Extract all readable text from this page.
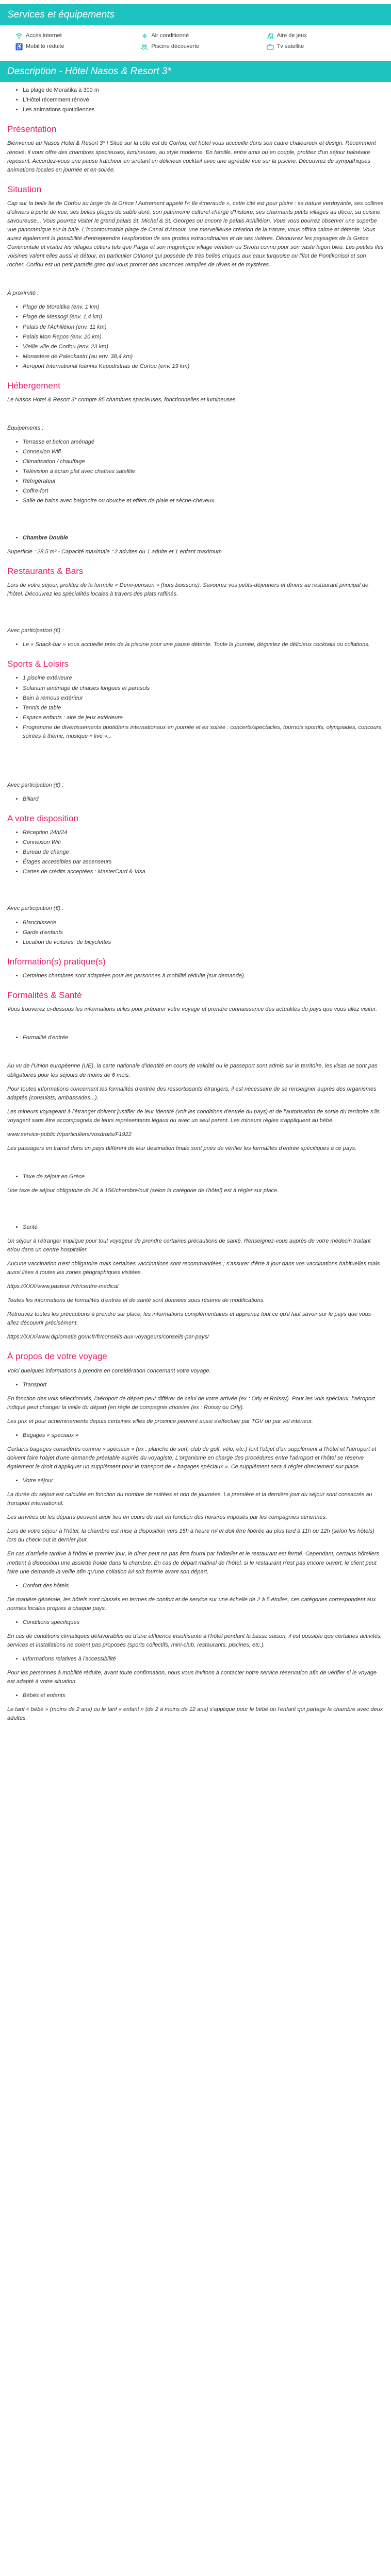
Services et équipements
Accès internet	❄ Air conditionné	Aire de jeux
♿ Mobilité réduite	Piscine découverte	Tv satellite
Description - Hôtel Nasos & Resort 3*
• La plage de Moraitika à 300 m
• L'Hôtel récemment rénové
• Les animations quotidiennes
Présentation

Bienvenue au Nasos Hotel & Resort 3* ! Situé sur la côte est de Corfou, cet hôtel vous accueille dans son cadre chaleureux et design. Récemment rénové, il vous offre des chambres spacieuses, lumineuses, au style moderne. En famille, entre amis ou en couple, profitez d'un séjour balnéaire reposant. Accordez-vous une pause fraîcheur en sirotant un délicieux cocktail avec une agréable vue sur la piscine. Découvrez de sympathiques animations locales en journée et en soirée.

Situation

Cap sur la belle île de Corfou au large de la Grèce ! Autrement appelé l'« île émeraude », cette cité est pour plaire : sa nature verdoyante, ses collines d'oliviers à perte de vue, ses belles plages de sable doré, son patrimoine culturel chargé d'histoire, ses charmants petits villages au décor, sa cuisine savoureuse... Vous pourrez visiter le grand palais St. Michel & St. Georges ou encore le palais Achilléion. Vous vous pourrez observer une superbe vue panoramique sur la baie. L'incontournable plage de Canal d'Amour, une merveilleuse création de la nature, vous offrira calme et détente. Vous aurez également la possibilité d'entreprendre l'exploration de ses grottes extraordinaires et de ses rivières. Découvrez les paysages de la Grèce Continentale et visitez les villages côtiers tels que Parga et son magnifique village vénitien ou Sivota connu pour son vaste lagon bleu. Les petites îles voisines valent elles aussi le détour, en particulier Othonoi qui possède de très belles criques aux eaux turquoise ou l'îlot de Pontikonissi et son rocher. Corfou est un petit paradis grec qui vous promet des vacances remplies de rêves et de mystères.

À proximité :

• Plage de Moraitika (env. 1 km)
• Plage de Messogi (env. 1,4 km)
• Palais de l'Achilléion (env. 11 km)
• Palais Mon Repos (env. 20 km)
• Vieille ville de Corfou (env. 23 km)
• Monastère de Paleokastrí (au env. 38,4 km)
• Aéroport International Ioánnis Kapodístrias de Corfou (env. 19 km)
Hébergement

Le Nasos Hotel & Resort 3* compte 85 chambres spacieuses, fonctionnelles et lumineuses.

Équipements :

• Terrasse et balcon aménagé
• Connexion Wifi
• Climatisation / chauffage
• Télévision à écran plat avec chaînes satellite
• Réfrigérateur
• Coffre-fort
• Salle de bains avec baignoire ou douche et effets de plaie et sèche-cheveux.
• Chambre Double

Superficie : 28,5 m² - Capacité maximale : 2 adultes ou 1 adulte et 1 enfant maximum

Restaurants & Bars

Lors de votre séjour, profitez de la formule « Demi-pension » (hors boissons). Savourez vos petits-déjeuners et dîners au restaurant principal de l'hôtel. Découvrez les spécialités locales à travers des plats raffinés.

Avec participation (€) :

• Le « Snack-bar » vous accueille près de la piscine pour une pause détente. Toute la journée, dégustez de délicieux cocktails ou collations.
Sports & Loisirs
• 1 piscine extérieure
• Solarium aménagé de chaises longues et parasols
• Bain à remous extérieur
• Tennis de table
• Espace enfants : aire de jeux extérieure
• Programme de divertissements quotidiens internationaux en journée et en soirée : concerts/spectacles, tournois sportifs, olympiades, concours, soirées à thème, musique « live »...

Avec participation (€) :

• Billard
A votre disposition
• Réception 24h/24
• Connexion Wifi
• Bureau de change
• Étages accessibles par ascenseurs
• Cartes de crédits acceptées : MasterCard & Visa

Avec participation (€) :

• Blanchisserie
• Garde d'enfants
• Location de voitures, de bicyclettes
Information(s) pratique(s)
• Certaines chambres sont adaptées pour les personnes à mobilité réduite (sur demande).
Formalités & Santé

Vous trouverez ci-dessous les informations utiles pour préparer votre voyage et prendre connaissance des actualités du pays que vous allez visiter.

• Formalité d'entrée

Au vu de l'Union européenne (UE), la carte nationale d'identité en cours de validité ou le passeport sont admis sur le territoire, les visas ne sont pas obligatoires pour les séjours de moins de 6 mois.

Pour toutes informations concernant les formalités d'entrée des ressortissants étrangers, il est nécessaire de se renseigner auprès des organismes adaptés (consulats, ambassades...).

Les mineurs voyageant à l'étranger doivent justifier de leur identité (voir les conditions d'entrée du pays) et de l'autorisation de sortie du territoire s'ils voyagent sans être accompagnés de leurs représentants légaux ou avec un seul parent. Les mineurs règles s'appliquent au bébé.

www.service-public.fr/particuliers/vosdroits/F1922

Les passagers en transit dans un pays différent de leur destination finale sont priés de vérifier les formalités d'entrée spécifiques à ce pays.

• Taxe de séjour en Grèce

Une taxe de séjour obligatoire de 2€ à 15€/chambre/nuit (selon la catégorie de l'hôtel) est à régler sur place.

• Santé

Un séjour à l'étranger implique pour tout voyageur de prendre certaines précautions de santé. Renseignez-vous auprès de votre médecin traitant et/ou dans un centre hospitalier.

Aucune vaccination n'est obligatoire mais certaines vaccinations sont recommandées ; s'assurer d'être à jour dans vos vaccinations habituelles mais aussi liées à toutes les zones géographiques visitées.

https://XXX/www.pasteur.fr/fr/centre-medical

Toutes les informations de formalités d'entrée et de santé sont données sous réserve de modifications.

Retrouvez toutes les précautions à prendre sur place, les informations complémentaires et apprenez tout ce qu'il faut savoir sur le pays que vous allez découvrir précisément.

https://XXX/www.diplomatie.gouv.fr/fr/conseils-aux-voyageurs/conseils-par-pays/

À propos de votre voyage

Voici quelques informations à prendre en considération concernant votre voyage.

• Transport

En fonction des vols sélectionnés, l'aéroport de départ peut différer de celui de votre arrivée (ex : Orly et Roissy). Pour les vols spéciaux, l'aéroport indiqué peut changer la veille du départ (en règle de compagnie choisies (ex : Roissy ou Orly).

Les prix et pour acheminements depuis certaines villes de province peuvent aussi s'effectuer par TGV ou par vol intérieur.

• Bagages « spéciaux »

Certains bagages considérés comme « spéciaux » (ex : planche de surf, club de golf, vélo, etc.) font l'objet d'un supplément à l'hôtel et l'aéroport et doivent faire l'objet d'une demande préalable auprès du voyagiste. L'organisme en charge des procédures entre l'aéroport et l'hôtel se réserve également le droit d'appliquer un supplément pour le transport de « bagages spéciaux ». Ce supplément sera à régler directement sur place.

• Votre séjour

La durée du séjour est calculée en fonction du nombre de nuitées et non de journées. La première et la dernière jour du séjour sont consacrés au transport international.

Les arrivées ou les départs peuvent avoir lieu en cours de nuit en fonction des horaires imposés par les compagnies aériennes.

Lors de votre séjour à l'hôtel, la chambre est mise à disposition vers 15h à heure m/ et doit être libérée au plus tard à 11h ou 12h (selon les hôtels) lors du check-out le dernier jour.

En cas d'arrivée tardive à l'hôtel le premier jour, le dîner peut ne pas être fourni par l'hôtelier et le restaurant est fermé. Cependant, certains hôteliers mettent à disposition une assiette froide dans la chambre. En cas de départ matinal de l'hôtel, si le restaurant n'est pas encore ouvert, le client peut faire une demande la veille afin qu'une collation lui soit fournie avant son départ.

• Confort des hôtels

De manière générale, les hôtels sont classés en termes de confort et de service sur une échelle de 2 à 5 étoiles, ces catégories correspondent aux normes locales propres à chaque pays.

• Conditions spécifiques

En cas de conditions climatiques défavorables ou d'une affluence insuffisante à l'hôtel pendant la basse saison, il est possible que certaines activités, services et installations ne soient pas proposés (sports collectifs, mini-club, restaurants, piscines, etc.).

• Informations relatives à l'accessibilité

Pour les personnes à mobilité réduite, avant toute confirmation, nous vous invitons à contacter notre service réservation afin de vérifier si le voyage est adapté à votre situation.

• Bébés et enfants

Le tarif « bébé » (moins de 2 ans) ou le tarif « enfant » (de 2 à moins de 12 ans) s'applique pour le bébé ou l'enfant qui partage la chambre avec deux adultes.
